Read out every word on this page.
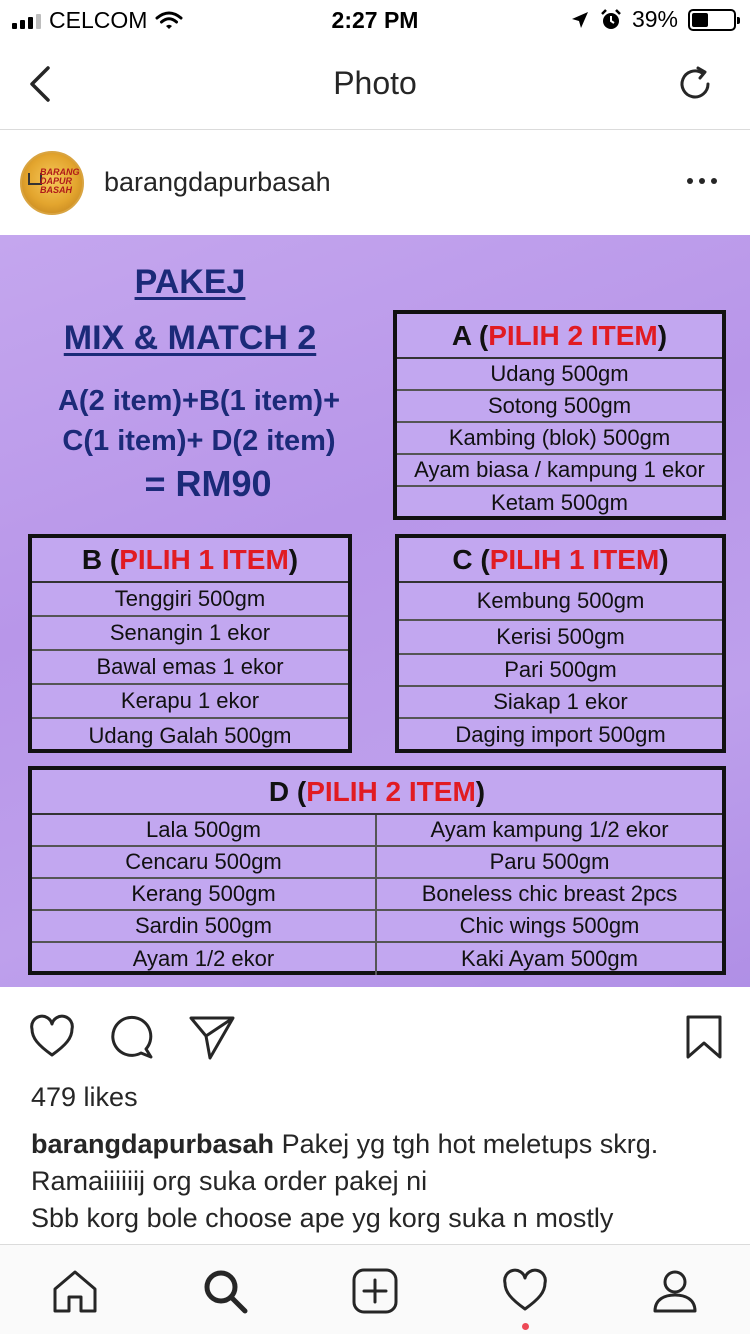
CELCOM	2:27 PM	39%
Photo
BARANG DAPUR BASAH	barangdapurbasah
PAKEJ
MIX & MATCH 2
A(2 item)+B(1 item)+
C(1 item)+ D(2 item)
= RM90
A ( PILIH 2 ITEM )
Udang 500gm
Sotong 500gm
Kambing (blok) 500gm
Ayam biasa / kampung 1 ekor
Ketam 500gm
B ( PILIH 1 ITEM )
Tenggiri 500gm
Senangin 1 ekor
Bawal emas 1 ekor
Kerapu 1 ekor
Udang Galah 500gm
C ( PILIH 1 ITEM )
Kembung 500gm
Kerisi 500gm
Pari 500gm
Siakap 1 ekor
Daging import 500gm
D ( PILIH 2 ITEM )
Lala 500gm	Ayam kampung 1/2 ekor
Cencaru 500gm	Paru 500gm
Kerang 500gm	Boneless chic breast 2pcs
Sardin 500gm	Chic wings 500gm
Ayam 1/2 ekor	Kaki Ayam 500gm
479 likes
barangdapurbasah Pakej yg tgh hot meletups skrg.
Ramaiiiiiij org suka order pakej ni
Sbb korg bole choose ape yg korg suka n mostly
